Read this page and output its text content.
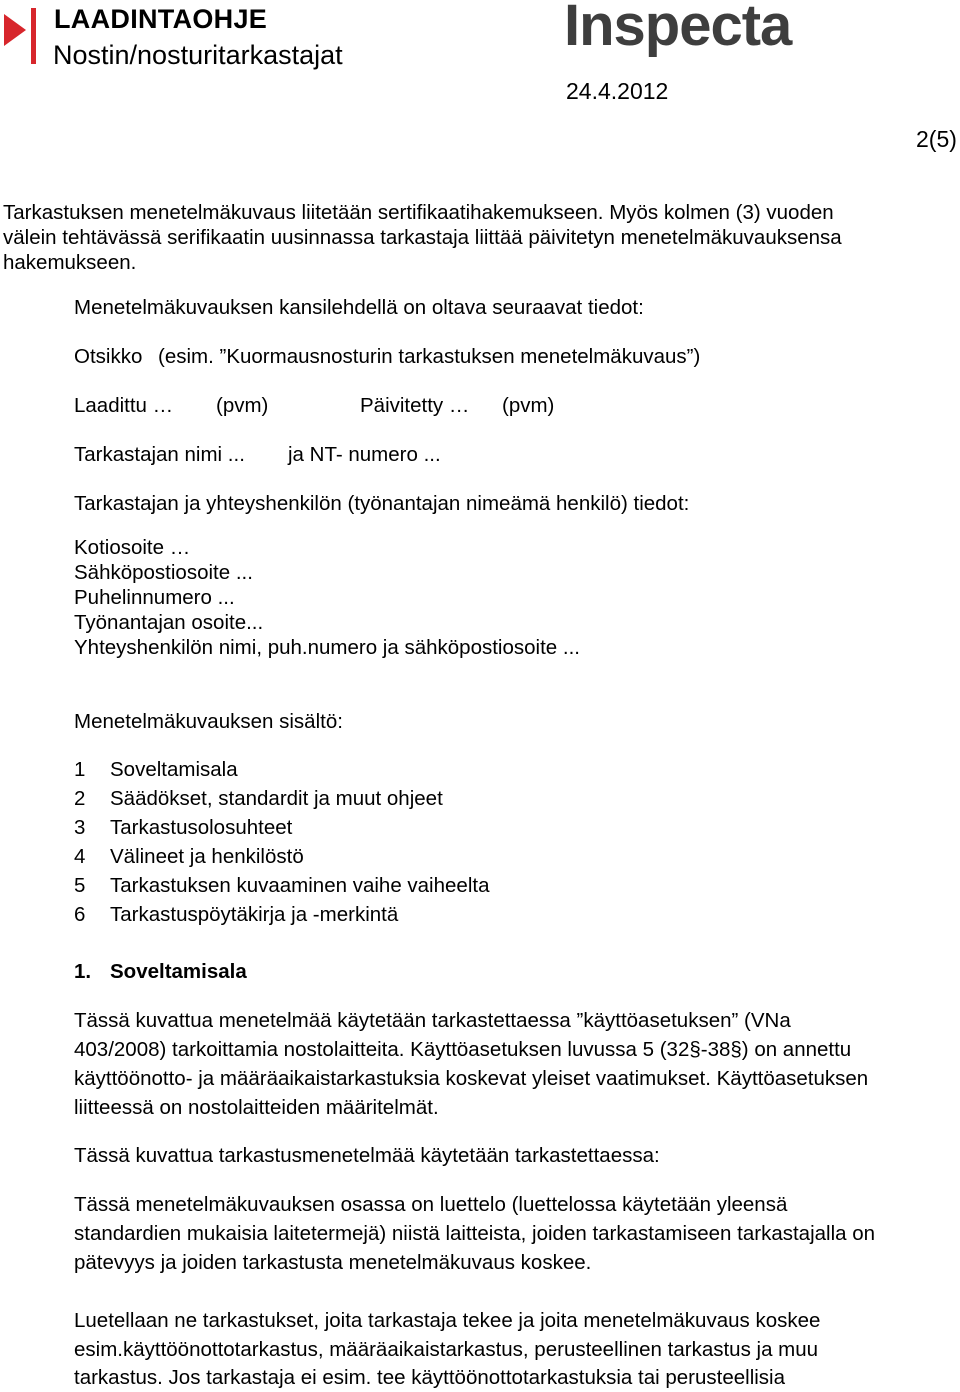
LAADINTAOHJE
Nostin/nosturitarkastajat	Inspecta
24.4.2012
2(5)
Tarkastuksen menetelmäkuvaus liitetään sertifikaatihakemukseen. Myös kolmen (3) vuoden
välein tehtävässä serifikaatin uusinnassa tarkastaja liittää päivitetyn menetelmäkuvauksensa
hakemukseen.
Menetelmäkuvauksen kansilehdellä on oltava seuraavat tiedot:
Otsikko (esim. ”Kuormausnosturin tarkastuksen menetelmäkuvaus”)
Laadittu … (pvm)	Päivitetty … (pvm)
Tarkastajan nimi ... ja NT- numero ...
Tarkastajan ja yhteyshenkilön (työnantajan nimeämä henkilö) tiedot:
Kotiosoite …
Sähköpostiosoite ...
Puhelinnumero ...
Työnantajan osoite...
Yhteyshenkilön nimi, puh.numero ja sähköpostiosoite ...
Menetelmäkuvauksen sisältö:
1 Soveltamisala
2 Säädökset, standardit ja muut ohjeet
3 Tarkastusolosuhteet
4 Välineet ja henkilöstö
5 Tarkastuksen kuvaaminen vaihe vaiheelta
6 Tarkastuspöytäkirja ja -merkintä
1. Soveltamisala
Tässä kuvattua menetelmää käytetään tarkastettaessa ”käyttöasetuksen” (VNa
403/2008) tarkoittamia nostolaitteita. Käyttöasetuksen luvussa 5 (32§-38§) on annettu
käyttöönotto- ja määräaikaistarkastuksia koskevat yleiset vaatimukset. Käyttöasetuksen
liitteessä on nostolaitteiden määritelmät.
Tässä kuvattua tarkastusmenetelmää käytetään tarkastettaessa:
Tässä menetelmäkuvauksen osassa on luettelo (luettelossa käytetään yleensä
standardien mukaisia laitetermejä) niistä laitteista, joiden tarkastamiseen tarkastajalla on
pätevyys ja joiden tarkastusta menetelmäkuvaus koskee.
Luetellaan ne tarkastukset, joita tarkastaja tekee ja joita menetelmäkuvaus koskee
esim.käyttöönottotarkastus, määräaikaistarkastus, perusteellinen tarkastus ja muu
tarkastus. Jos tarkastaja ei esim. tee käyttöönottotarkastuksia tai perusteellisia
